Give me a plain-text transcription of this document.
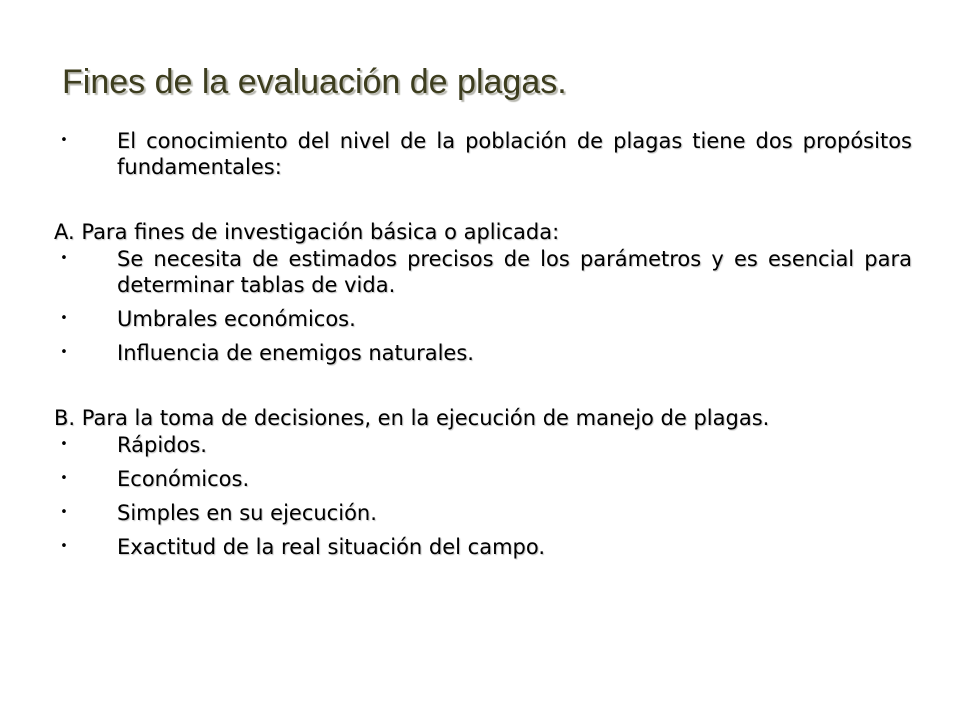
Fines de la evaluación de plagas.

• El conocimiento del nivel de la población de plagas tiene dos propósitos fundamentales:

A. Para fines de investigación básica o aplicada:

• Se necesita de estimados precisos de los parámetros y es esencial para determinar tablas de vida.

• Umbrales económicos.

• Influencia de enemigos naturales.

B. Para la toma de decisiones, en la ejecución de manejo de plagas.

• Rápidos.

• Económicos.

• Simples en su ejecución.

• Exactitud de la real situación del campo.
